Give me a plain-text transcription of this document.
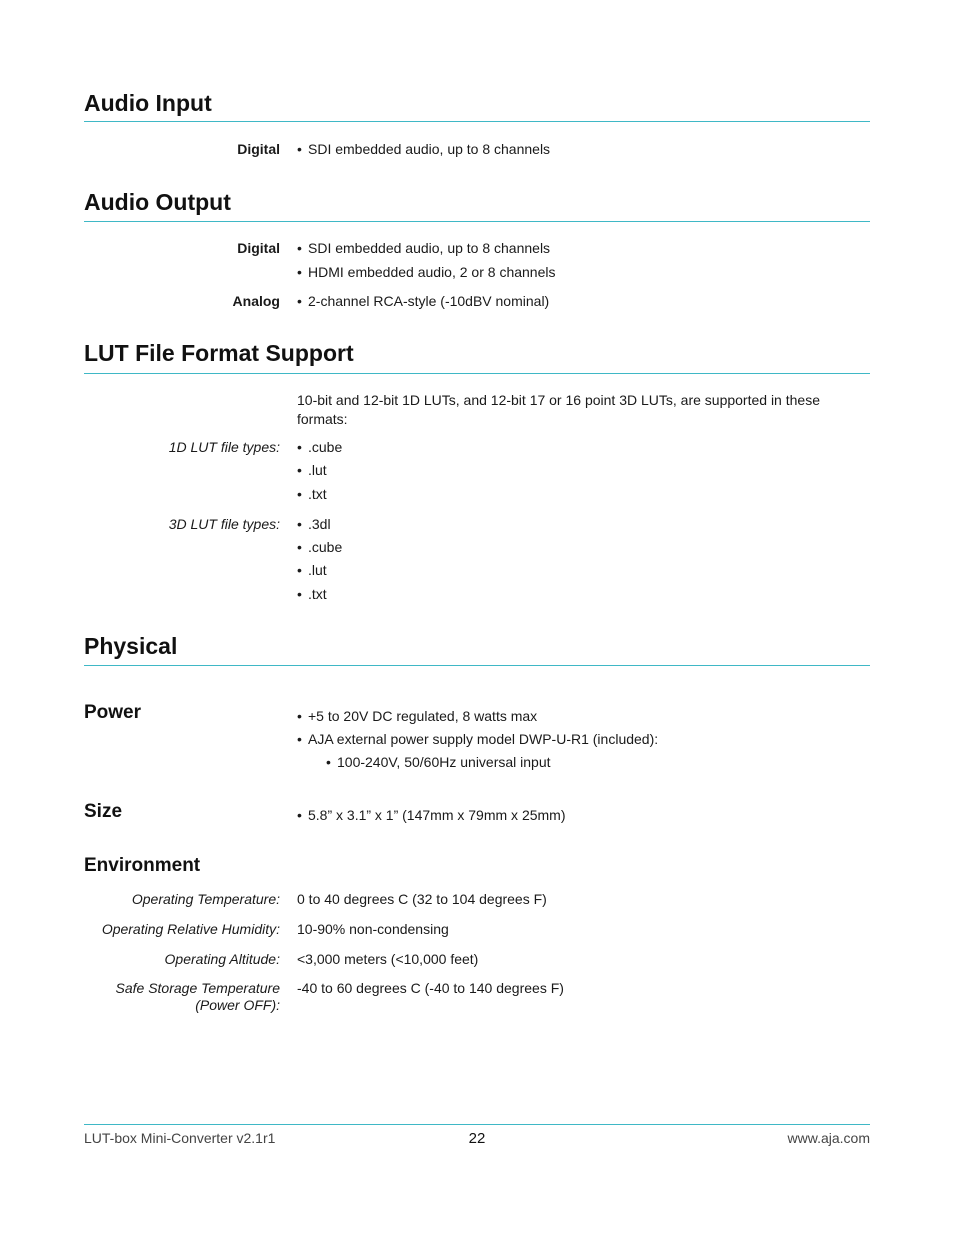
Audio Input
Digital • SDI embedded audio, up to 8 channels
Audio Output
Digital • SDI embedded audio, up to 8 channels
• HDMI embedded audio, 2 or 8 channels
Analog • 2-channel RCA-style (-10dBV nominal)
LUT File Format Support
10-bit and 12-bit 1D LUTs, and 12-bit 17 or 16 point 3D LUTs, are supported in these formats:
1D LUT file types: • .cube
• .lut
• .txt
3D LUT file types: • .3dl
• .cube
• .lut
• .txt
Physical
Power	• +5 to 20V DC regulated, 8 watts max
• AJA external power supply model DWP-U-R1 (included):
• 100-240V, 50/60Hz universal input
Size	• 5.8” x 3.1” x 1” (147mm x 79mm x 25mm)
Environment
Operating Temperature: 0 to 40 degrees C (32 to 104 degrees F)
Operating Relative Humidity: 10-90% non-condensing
Operating Altitude: <3,000 meters (<10,000 feet)
Safe Storage Temperature
(Power OFF):
-40 to 60 degrees C (-40 to 140 degrees F)
LUT-box Mini-Converter v2.1r1	22	www.aja.com
